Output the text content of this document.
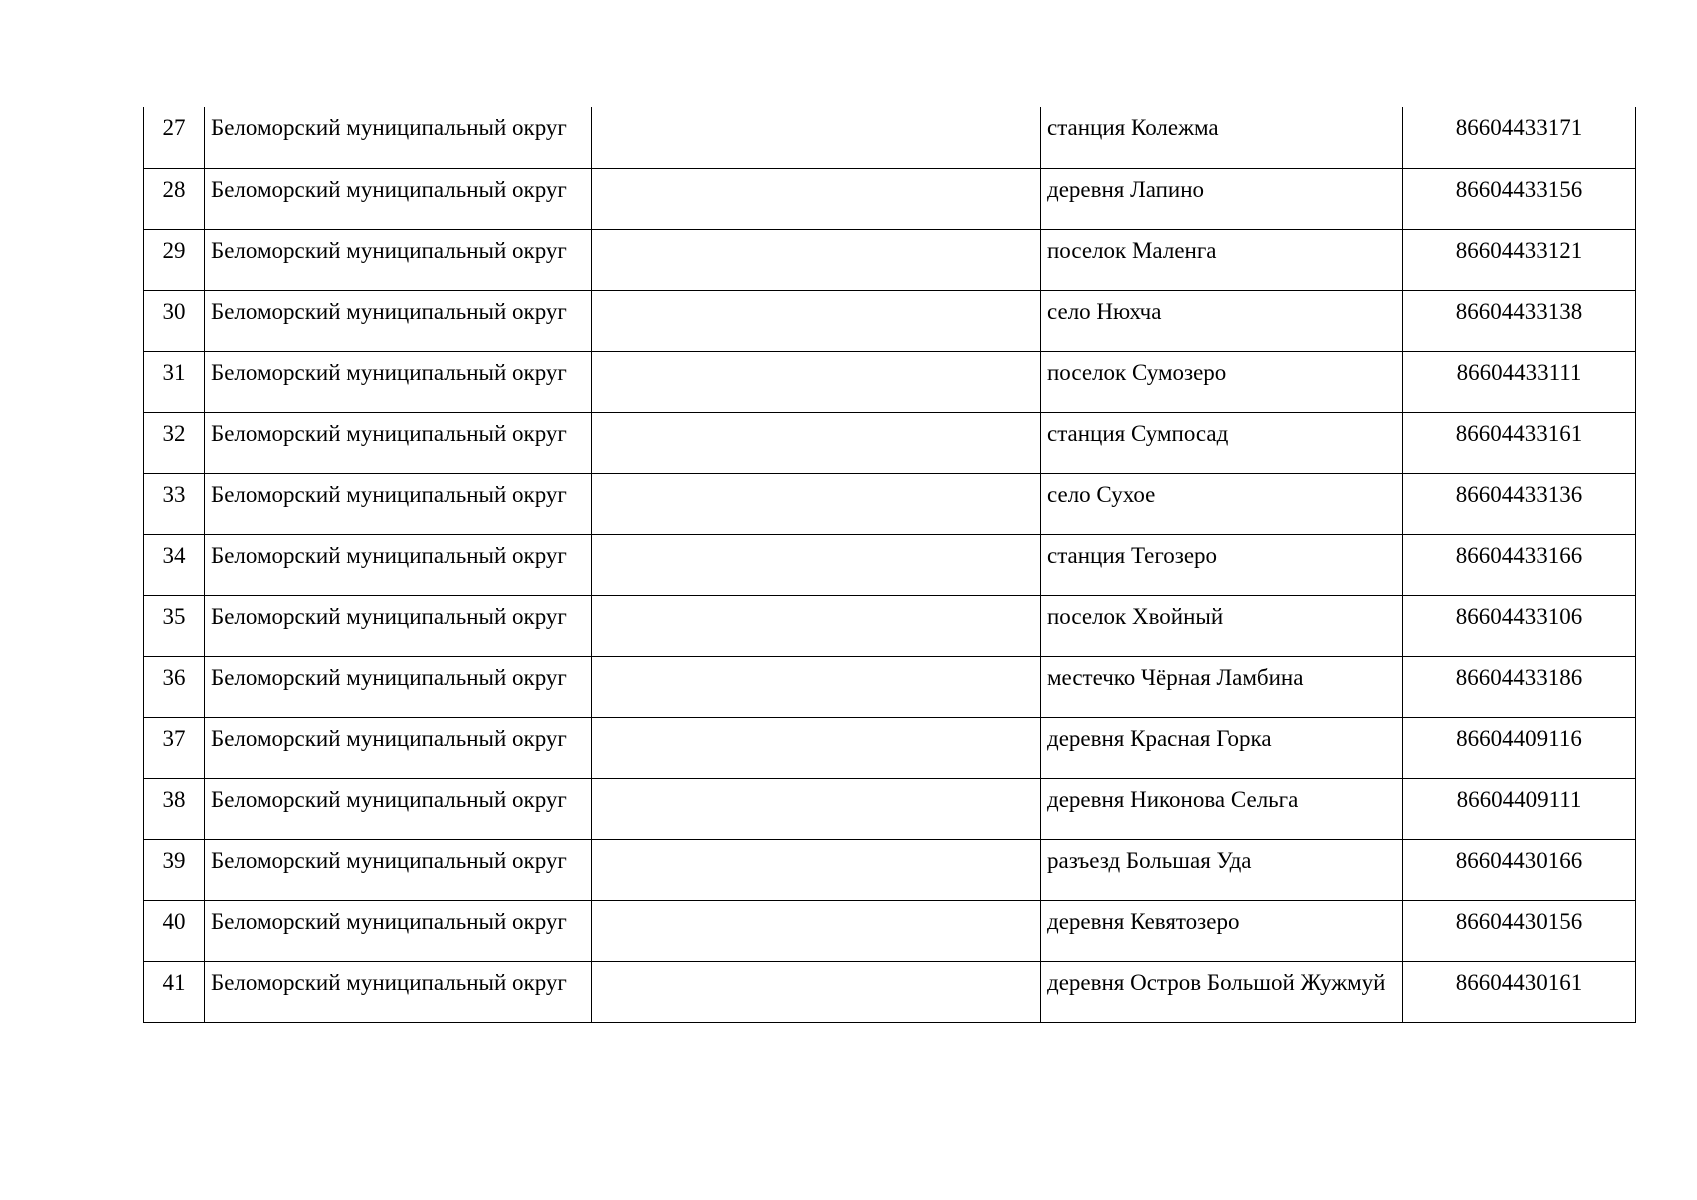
27	Беломорский муниципальный округ		станция Колежма	86604433171
28	Беломорский муниципальный округ		деревня Лапино	86604433156
29	Беломорский муниципальный округ		поселок Маленга	86604433121
30	Беломорский муниципальный округ		село Нюхча	86604433138
31	Беломорский муниципальный округ		поселок Сумозеро	86604433111
32	Беломорский муниципальный округ		станция Сумпосад	86604433161
33	Беломорский муниципальный округ		село Сухое	86604433136
34	Беломорский муниципальный округ		станция Тегозеро	86604433166
35	Беломорский муниципальный округ		поселок Хвойный	86604433106
36	Беломорский муниципальный округ		местечко Чёрная Ламбина	86604433186
37	Беломорский муниципальный округ		деревня Красная Горка	86604409116
38	Беломорский муниципальный округ		деревня Никонова Сельга	86604409111
39	Беломорский муниципальный округ		разъезд Большая Уда	86604430166
40	Беломорский муниципальный округ		деревня Кевятозеро	86604430156
41	Беломорский муниципальный округ		деревня Остров Большой Жужмуй	86604430161
